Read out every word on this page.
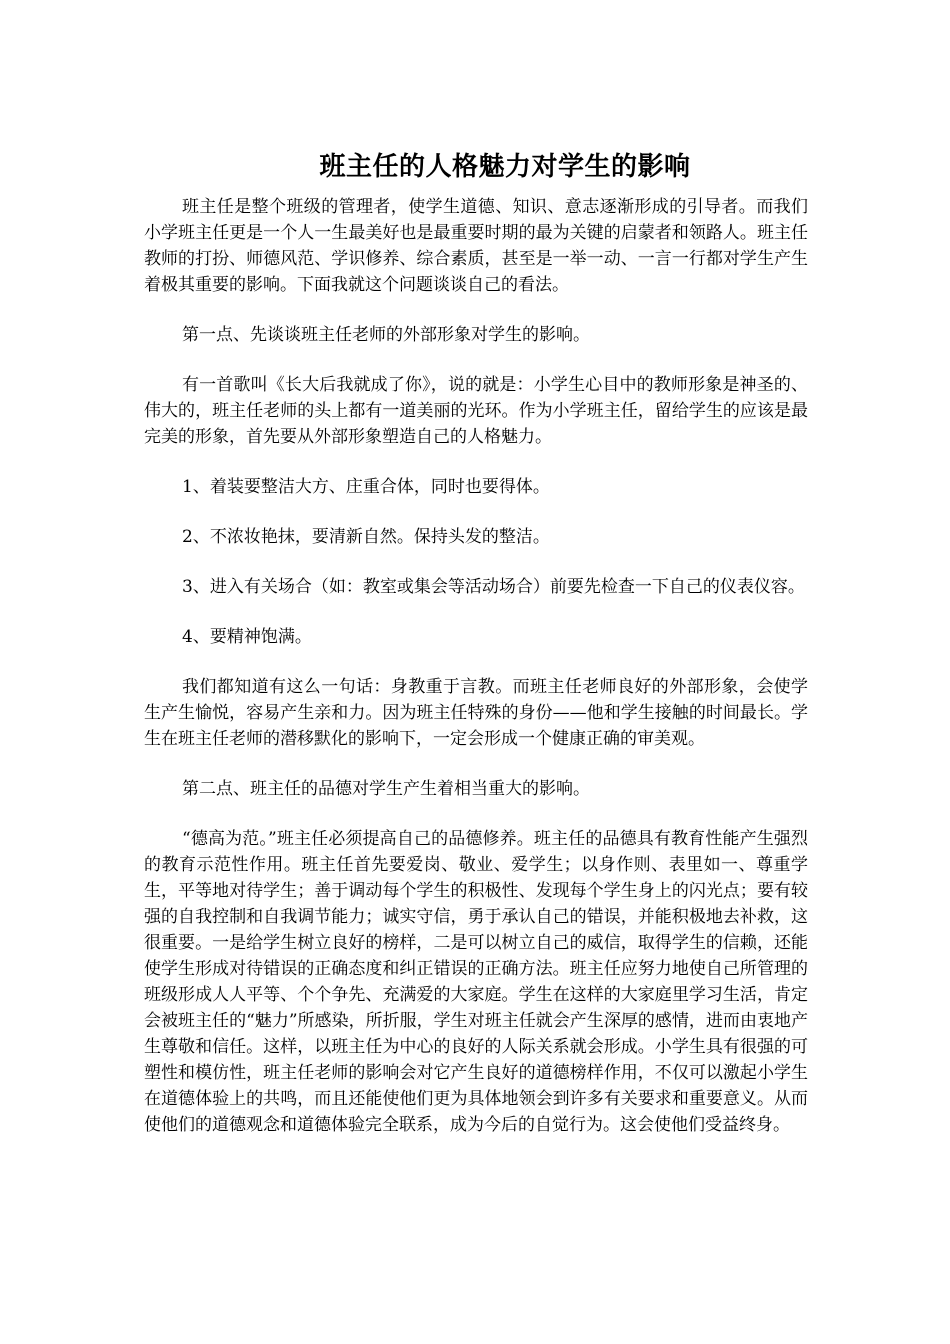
班主任的人格魅力对学生的影响

班主任是整个班级的管理者，使学生道德、知识、意志逐渐形成的引导者。而我们小学班主任更是一个人一生最美好也是最重要时期的最为关键的启蒙者和领路人。班主任教师的打扮、师德风范、学识修养、综合素质，甚至是一举一动、一言一行都对学生产生着极其重要的影响。下面我就这个问题谈谈自己的看法。

第一点、先谈谈班主任老师的外部形象对学生的影响。

有一首歌叫《长大后我就成了你》，说的就是：小学生心目中的教师形象是神圣的、伟大的，班主任老师的头上都有一道美丽的光环。作为小学班主任，留给学生的应该是最完美的形象，首先要从外部形象塑造自己的人格魅力。

1、着装要整洁大方、庄重合体，同时也要得体。

2、不浓妆艳抹，要清新自然。保持头发的整洁。

3、进入有关场合（如：教室或集会等活动场合）前要先检查一下自己的仪表仪容。

4、要精神饱满。

我们都知道有这么一句话：身教重于言教。而班主任老师良好的外部形象，会使学生产生愉悦，容易产生亲和力。因为班主任特殊的身份——他和学生接触的时间最长。学生在班主任老师的潜移默化的影响下，一定会形成一个健康正确的审美观。

第二点、班主任的品德对学生产生着相当重大的影响。

“德高为范。”班主任必须提高自己的品德修养。班主任的品德具有教育性能产生强烈的教育示范性作用。班主任首先要爱岗、敬业、爱学生；以身作则、表里如一、尊重学生，平等地对待学生；善于调动每个学生的积极性、发现每个学生身上的闪光点；要有较强的自我控制和自我调节能力；诚实守信，勇于承认自己的错误，并能积极地去补救，这很重要。一是给学生树立良好的榜样，二是可以树立自己的威信，取得学生的信赖，还能使学生形成对待错误的正确态度和纠正错误的正确方法。班主任应努力地使自己所管理的班级形成人人平等、个个争先、充满爱的大家庭。学生在这样的大家庭里学习生活，肯定会被班主任的“魅力”所感染，所折服，学生对班主任就会产生深厚的感情，进而由衷地产生尊敬和信任。这样，以班主任为中心的良好的人际关系就会形成。小学生具有很强的可塑性和模仿性，班主任老师的影响会对它产生良好的道德榜样作用，不仅可以激起小学生在道德体验上的共鸣，而且还能使他们更为具体地领会到许多有关要求和重要意义。从而使他们的道德观念和道德体验完全联系，成为今后的自觉行为。这会使他们受益终身。
